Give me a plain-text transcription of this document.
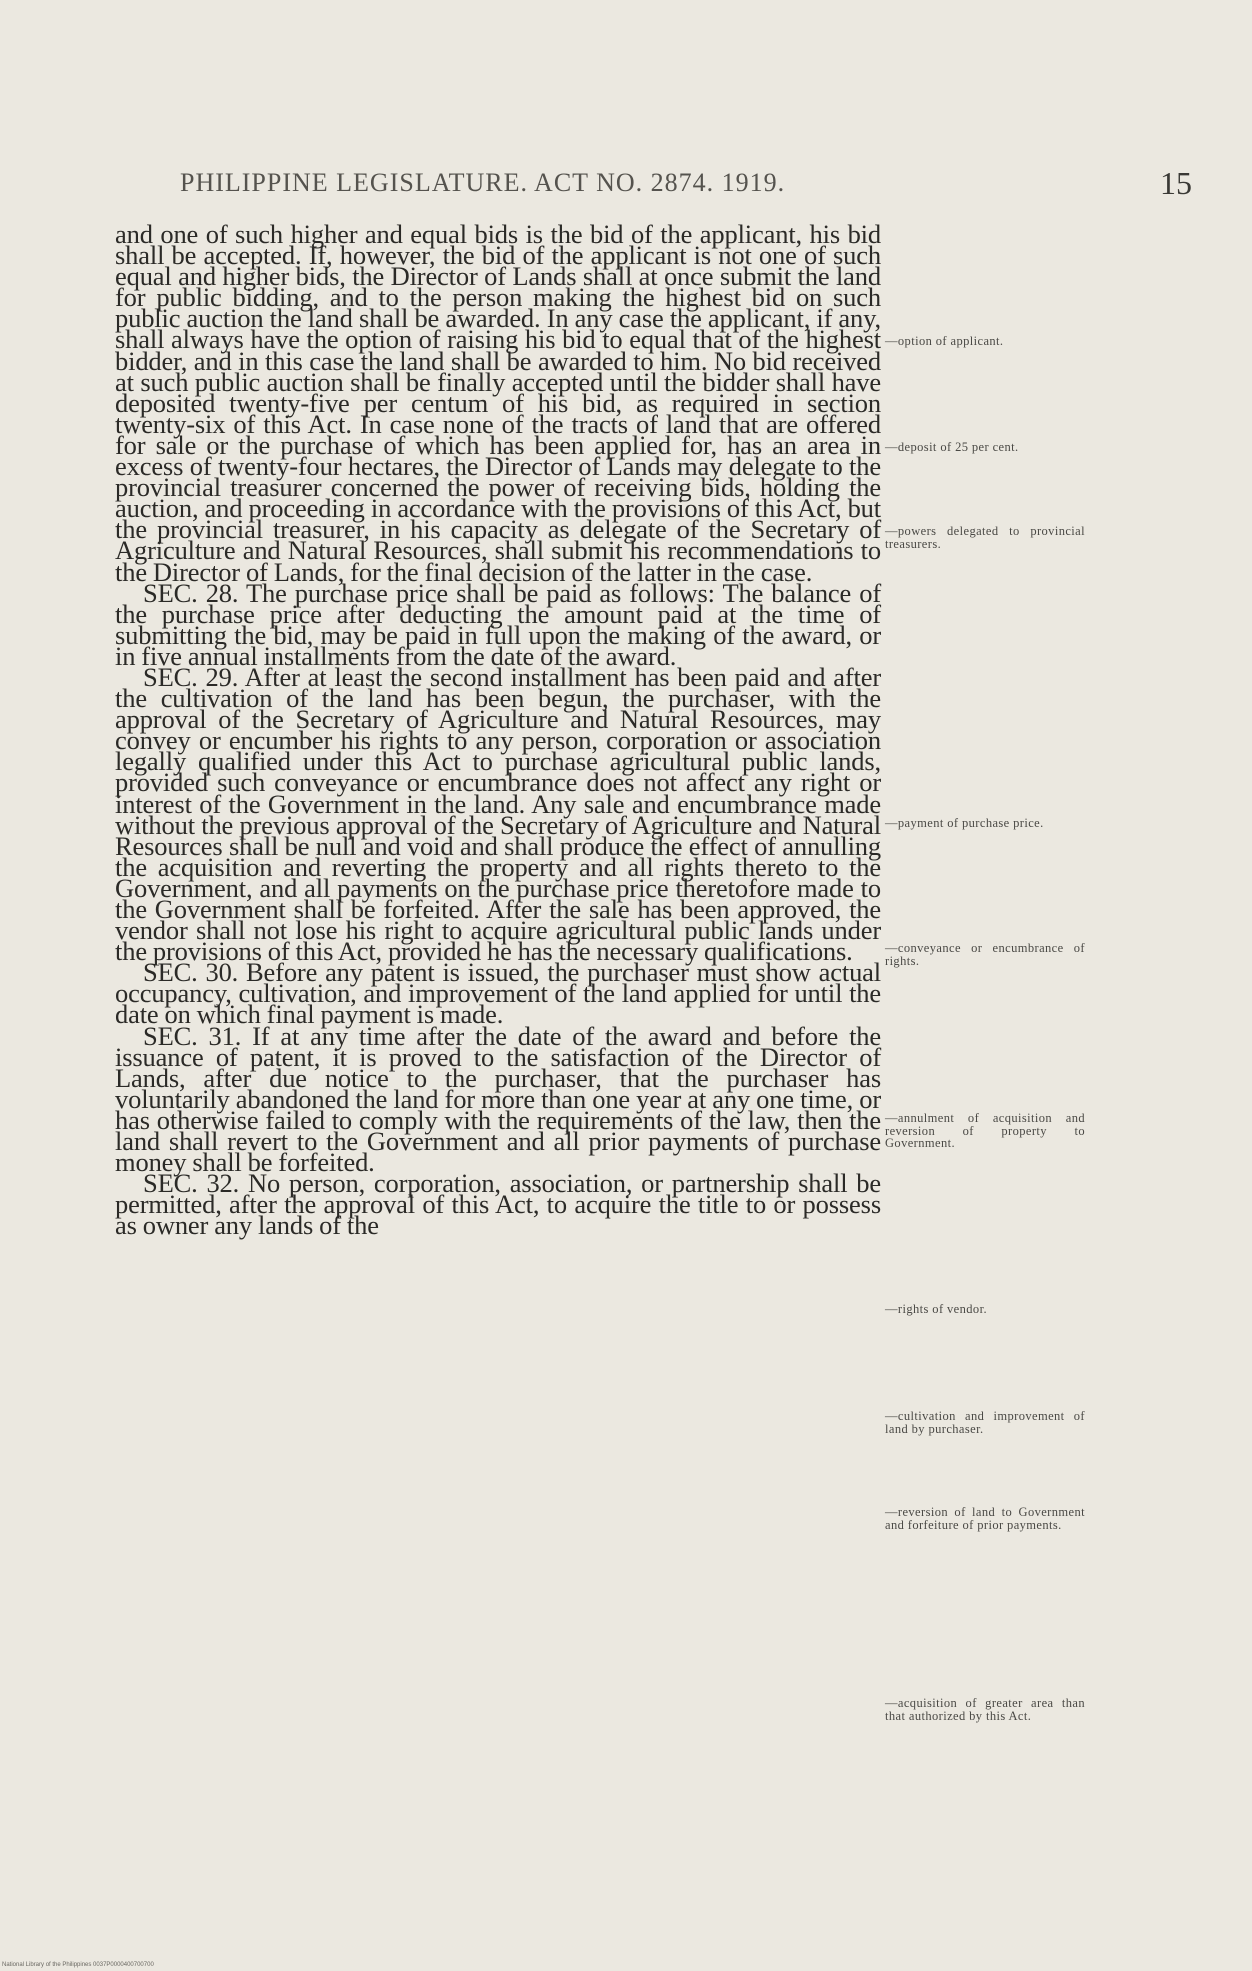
PHILIPPINE LEGISLATURE. ACT NO. 2874. 1919.	15

and one of such higher and equal bids is the bid of the applicant, his bid shall be accepted. If, however, the bid of the applicant is not one of such equal and higher bids, the Director of Lands shall at once submit the land for public bidding, and to the person making the highest bid on such public auction the land shall be awarded. In any case the applicant, if any, shall always have the option of raising his bid to equal that of the highest bidder, and in this case the land shall be awarded to him. No bid received at such public auction shall be finally accepted until the bidder shall have deposited twenty-five per centum of his bid, as required in section twenty-six of this Act. In case none of the tracts of land that are offered for sale or the purchase of which has been applied for, has an area in excess of twenty-four hectares, the Director of Lands may delegate to the provincial treasurer concerned the power of receiving bids, holding the auction, and proceeding in accordance with the provisions of this Act, but the provincial treasurer, in his capacity as delegate of the Secretary of Agriculture and Natural Resources, shall submit his recommendations to the Director of Lands, for the final decision of the latter in the case.

SEC. 28. The purchase price shall be paid as follows: The balance of the purchase price after deducting the amount paid at the time of submitting the bid, may be paid in full upon the making of the award, or in five annual installments from the date of the award.

SEC. 29. After at least the second installment has been paid and after the cultivation of the land has been begun, the purchaser, with the approval of the Secretary of Agriculture and Natural Resources, may convey or encumber his rights to any person, corporation or association legally qualified under this Act to purchase agricultural public lands, provided such conveyance or encumbrance does not affect any right or interest of the Government in the land. Any sale and encumbrance made without the previous approval of the Secretary of Agriculture and Natural Resources shall be null and void and shall produce the effect of annulling the acquisition and reverting the property and all rights thereto to the Government, and all payments on the purchase price theretofore made to the Government shall be forfeited. After the sale has been approved, the vendor shall not lose his right to acquire agricultural public lands under the provisions of this Act, provided he has the necessary qualifications.

SEC. 30. Before any patent is issued, the purchaser must show actual occupancy, cultivation, and improvement of the land applied for until the date on which final payment is made.

SEC. 31. If at any time after the date of the award and before the issuance of patent, it is proved to the satisfaction of the Director of Lands, after due notice to the purchaser, that the purchaser has voluntarily abandoned the land for more than one year at any one time, or has otherwise failed to comply with the requirements of the law, then the land shall revert to the Government and all prior payments of purchase money shall be forfeited.

SEC. 32. No person, corporation, association, or partnership shall be permitted, after the approval of this Act, to acquire the title to or possess as owner any lands of the

—option of applicant.
—deposit of 25 per cent.
—powers delegated to provincial treasurers.
—payment of purchase price.
—conveyance or encumbrance of rights.
—annulment of acquisition and reversion of property to Government.
—rights of vendor.
—cultivation and improvement of land by purchaser.
—reversion of land to Government and forfeiture of prior payments.
—acquisition of greater area than that authorized by this Act.
National Library of the Philippines 0037P0000400700700
